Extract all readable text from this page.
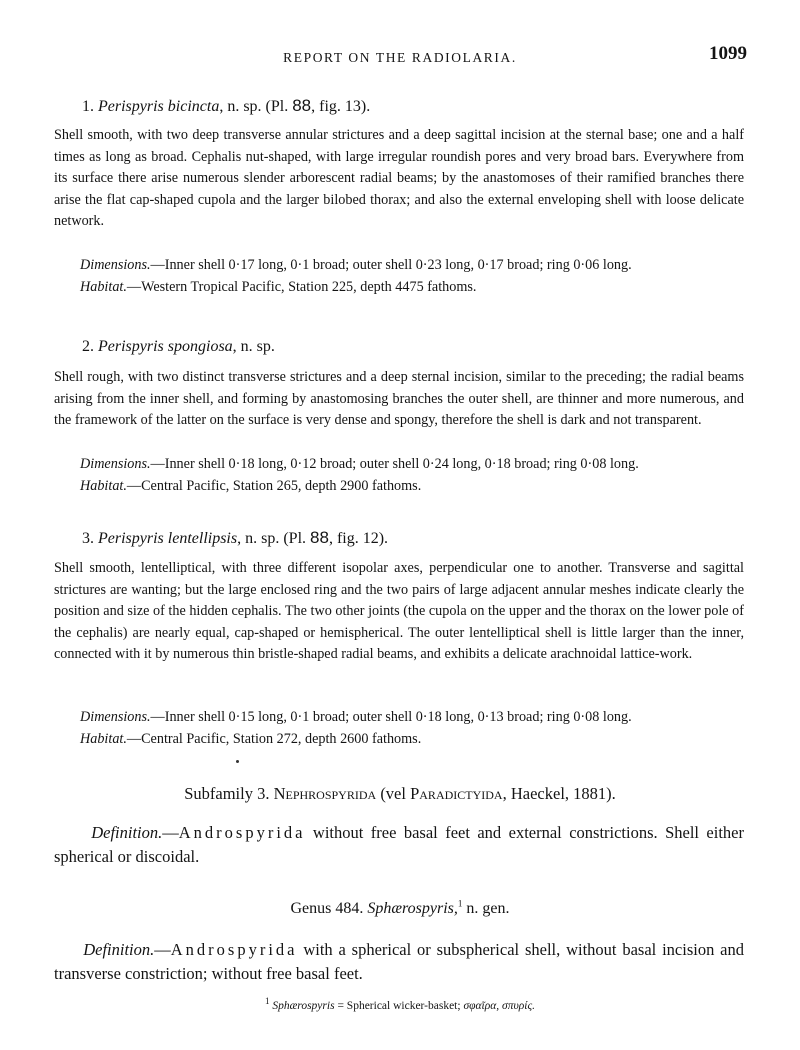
REPORT ON THE RADIOLARIA.	1099
1. Perispyris bicincta, n. sp. (Pl. 88, fig. 13).

Shell smooth, with two deep transverse annular strictures and a deep sagittal incision at the sternal base; one and a half times as long as broad. Cephalis nut-shaped, with large irregular roundish pores and very broad bars. Everywhere from its surface there arise numerous slender arborescent radial beams; by the anastomoses of their ramified branches there arise the flat cap-shaped cupola and the larger bilobed thorax; and also the external enveloping shell with loose delicate network.

Dimensions.—Inner shell 0·17 long, 0·1 broad; outer shell 0·23 long, 0·17 broad; ring 0·06 long.

Habitat.—Western Tropical Pacific, Station 225, depth 4475 fathoms.

2. Perispyris spongiosa, n. sp.

Shell rough, with two distinct transverse strictures and a deep sternal incision, similar to the preceding; the radial beams arising from the inner shell, and forming by anastomosing branches the outer shell, are thinner and more numerous, and the framework of the latter on the surface is very dense and spongy, therefore the shell is dark and not transparent.

Dimensions.—Inner shell 0·18 long, 0·12 broad; outer shell 0·24 long, 0·18 broad; ring 0·08 long.

Habitat.—Central Pacific, Station 265, depth 2900 fathoms.

3. Perispyris lentellipsis, n. sp. (Pl. 88, fig. 12).

Shell smooth, lentelliptical, with three different isopolar axes, perpendicular one to another. Transverse and sagittal strictures are wanting; but the large enclosed ring and the two pairs of large adjacent annular meshes indicate clearly the position and size of the hidden cephalis. The two other joints (the cupola on the upper and the thorax on the lower pole of the cephalis) are nearly equal, cap-shaped or hemispherical. The outer lentelliptical shell is little larger than the inner, connected with it by numerous thin bristle-shaped radial beams, and exhibits a delicate arachnoidal lattice-work.

Dimensions.—Inner shell 0·15 long, 0·1 broad; outer shell 0·18 long, 0·13 broad; ring 0·08 long.

Habitat.—Central Pacific, Station 272, depth 2600 fathoms.

Subfamily 3. Nephrospyrida (vel Paradictyida, Haeckel, 1881).

Definition.—Androspyrida without free basal feet and external constrictions. Shell either spherical or discoidal.

Genus 484. Sphærospyris,$^1$ n. gen.

Definition.—Androspyrida with a spherical or subspherical shell, without basal incision and transverse constriction; without free basal feet.

$^1$ Sphærospyris = Spherical wicker-basket; σφαῖρα, σπυρίς.
